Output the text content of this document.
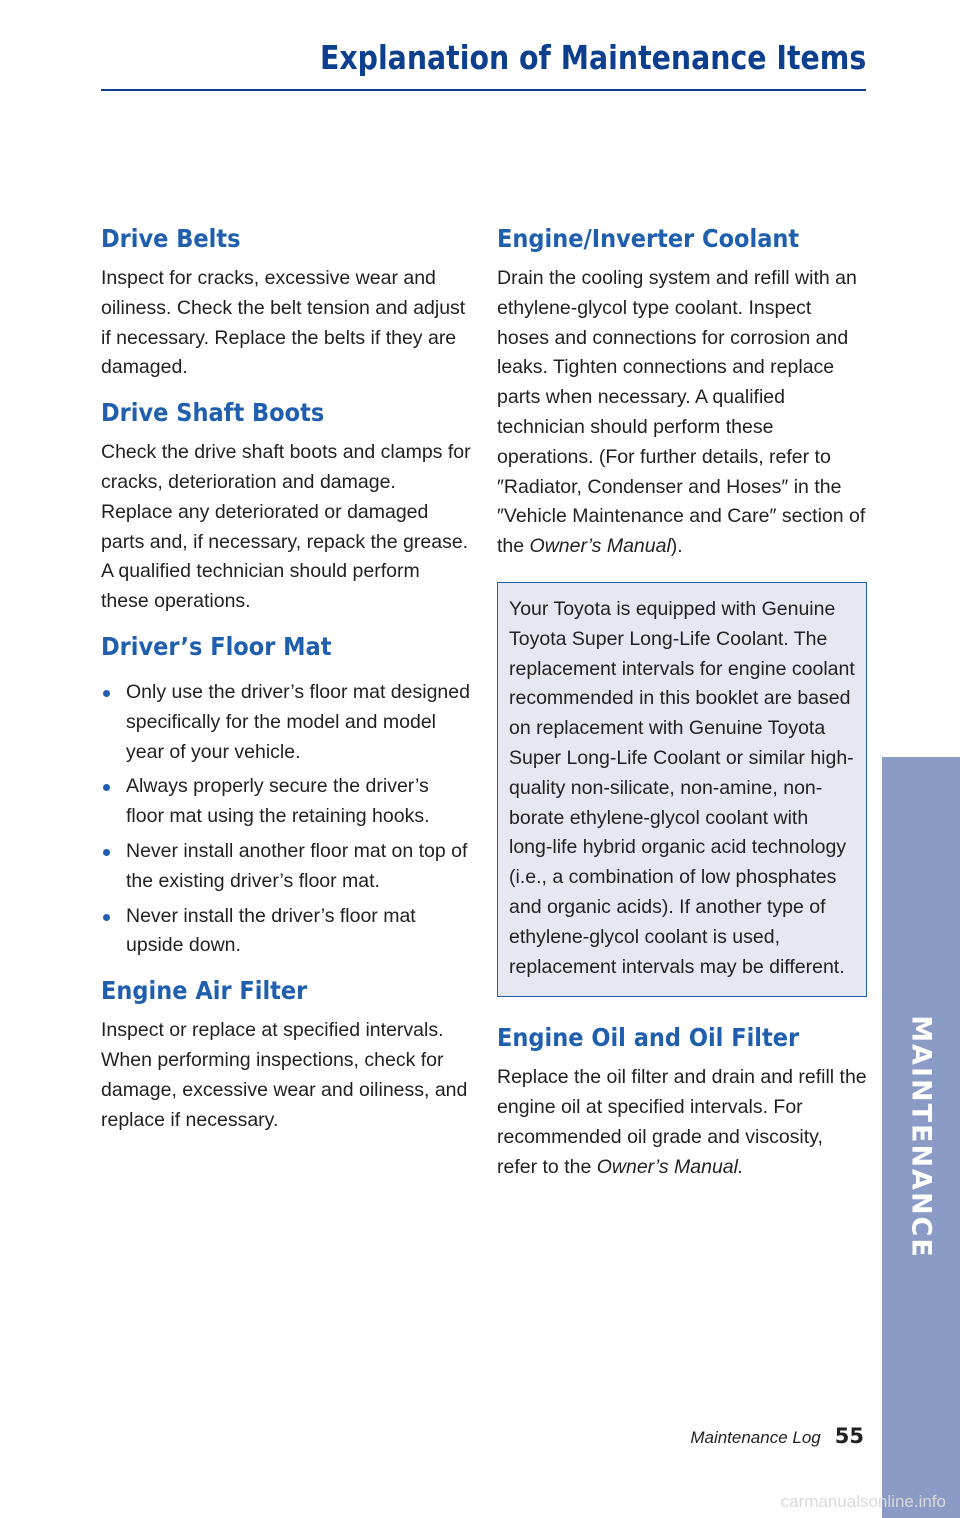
Explanation of Maintenance Items
Drive Belts

Inspect for cracks, excessive wear and oiliness. Check the belt tension and adjust if necessary. Replace the belts if they are damaged.

Drive Shaft Boots

Check the drive shaft boots and clamps for cracks, deterioration and damage. Replace any deteriorated or damaged parts and, if necessary, repack the grease. A qualified technician should perform these operations.

Driver’s Floor Mat
Only use the driver’s floor mat designed specifically for the model and model year of your vehicle.
Always properly secure the driver’s floor mat using the retaining hooks.
Never install another floor mat on top of the existing driver’s floor mat.
Never install the driver’s floor mat upside down.
Engine Air Filter

Inspect or replace at specified intervals. When performing inspections, check for damage, excessive wear and oiliness, and replace if necessary.

Engine/Inverter Coolant

Drain the cooling system and refill with an ethylene-glycol type coolant. Inspect hoses and connections for corrosion and leaks. Tighten connections and replace parts when necessary. A qualified technician should perform these operations. (For further details, refer to ″Radiator, Condenser and Hoses″ in the ″Vehicle Maintenance and Care″ section of the Owner’s Manual).

Your Toyota is equipped with Genuine Toyota Super Long-Life Coolant. The replacement intervals for engine coolant recommended in this booklet are based on replacement with Genuine Toyota Super Long-Life Coolant or similar high-quality non-silicate, non-amine, non-borate ethylene-glycol coolant with long-life hybrid organic acid technology (i.e., a combination of low phosphates and organic acids). If another type of ethylene-glycol coolant is used, replacement intervals may be different.
Engine Oil and Oil Filter

Replace the oil filter and drain and refill the engine oil at specified intervals. For recommended oil grade and viscosity, refer to the Owner’s Manual.	MAINTENANCE
Maintenance Log 55
carmanualsonline.info
